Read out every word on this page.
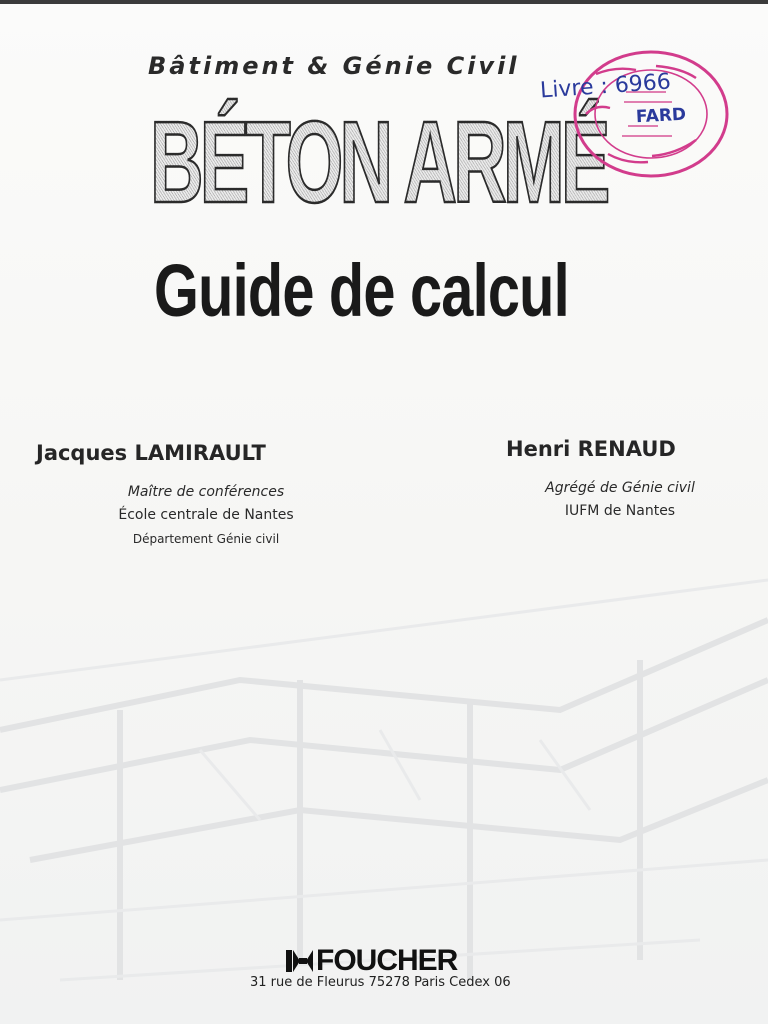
Bâtiment & Génie Civil
BÉTON ARMÉ
Guide de calcul
Jacques LAMIRAULT
Maître de conférences
École centrale de Nantes
Département Génie civil
Henri RENAUD
Agrégé de Génie civil
IUFM de Nantes
Livre : 6966
FARD
FOUCHER
31 rue de Fleurus 75278 Paris Cedex 06
